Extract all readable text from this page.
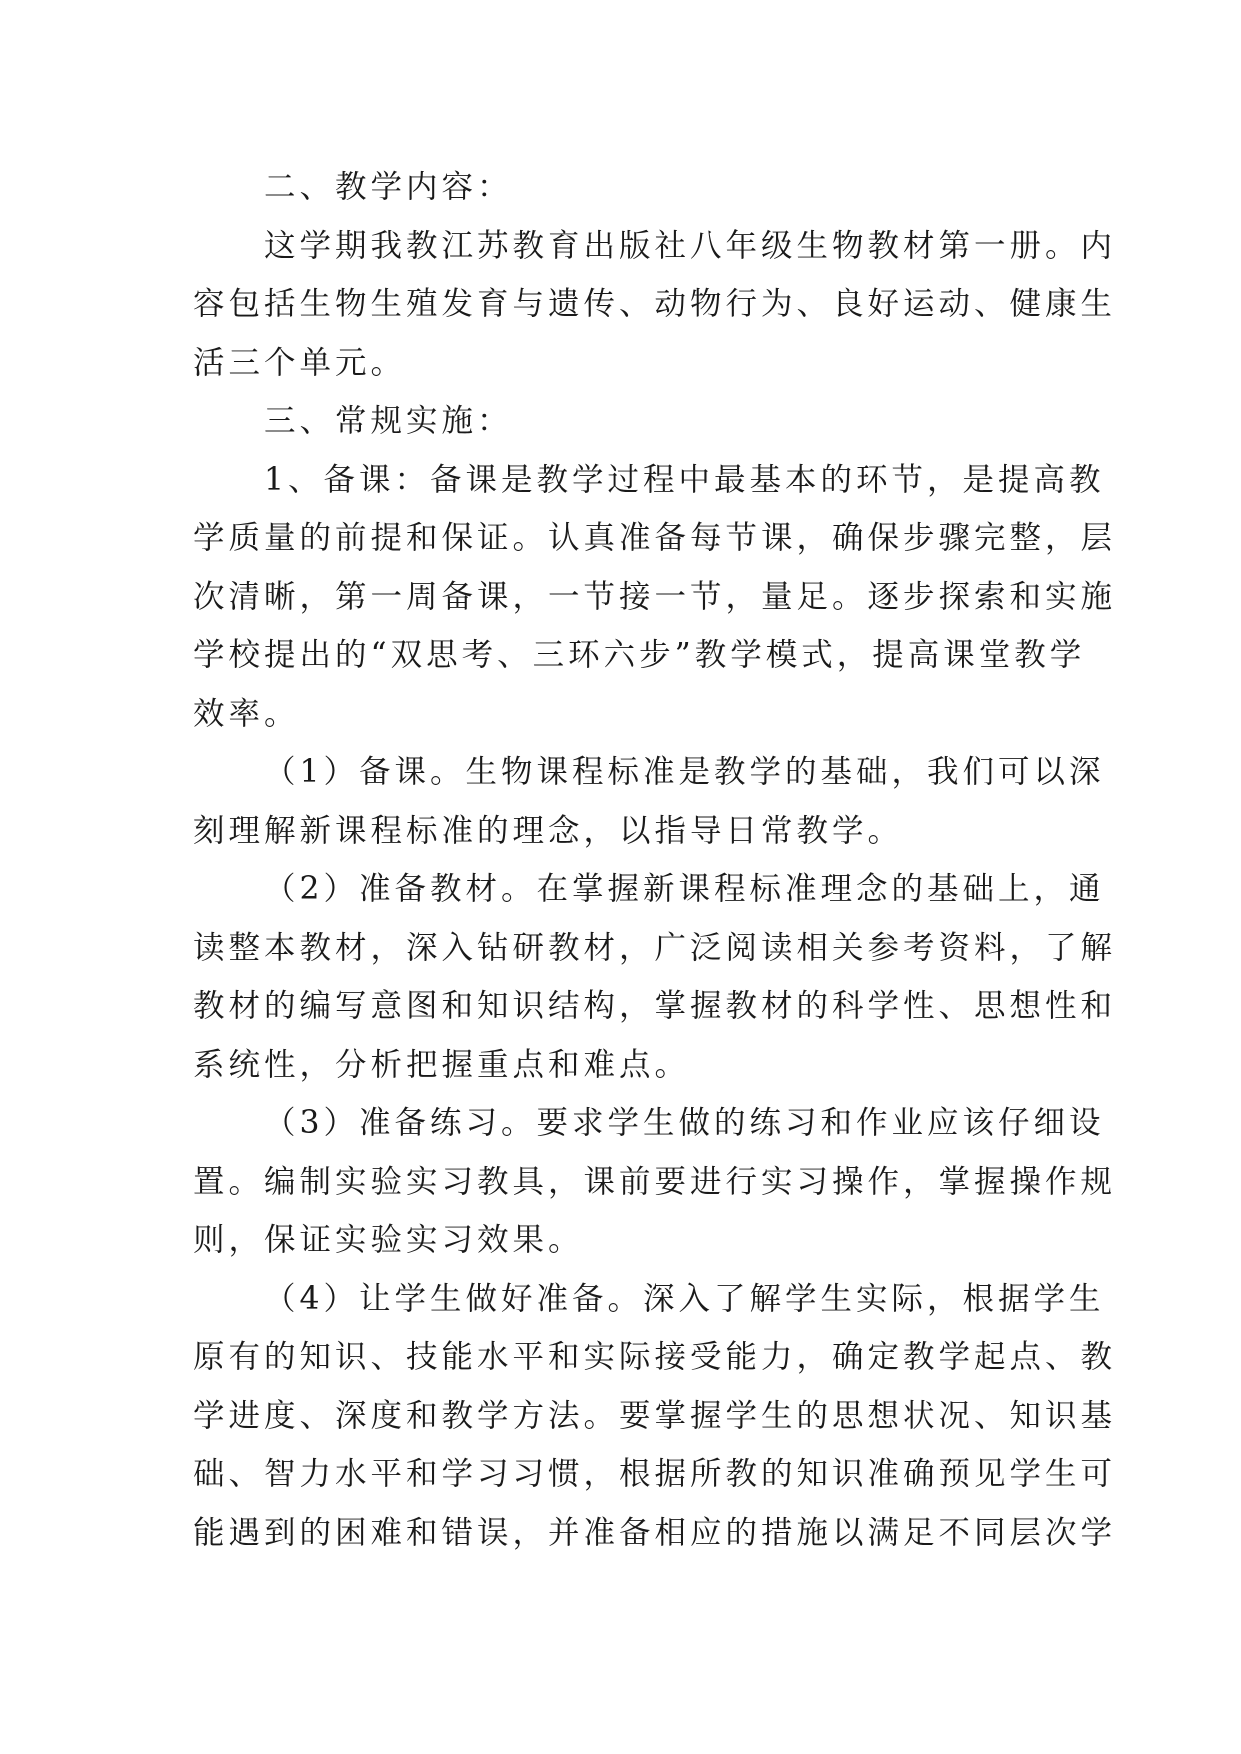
二、教学内容：
这学期我教江苏教育出版社八年级生物教材第一册。内
容包括生物生殖发育与遗传、动物行为、良好运动、健康生
活三个单元。
三、常规实施：
1、备课：备课是教学过程中最基本的环节，是提高教
学质量的前提和保证。认真准备每节课，确保步骤完整，层
次清晰，第一周备课，一节接一节，量足。逐步探索和实施
学校提出的“双思考、三环六步”教学模式，提高课堂教学
效率。
（1）备课。生物课程标准是教学的基础，我们可以深
刻理解新课程标准的理念，以指导日常教学。
（2）准备教材。在掌握新课程标准理念的基础上，通
读整本教材，深入钻研教材，广泛阅读相关参考资料，了解
教材的编写意图和知识结构，掌握教材的科学性、思想性和
系统性，分析把握重点和难点。
（3）准备练习。要求学生做的练习和作业应该仔细设
置。编制实验实习教具，课前要进行实习操作，掌握操作规
则，保证实验实习效果。
（4）让学生做好准备。深入了解学生实际，根据学生
原有的知识、技能水平和实际接受能力，确定教学起点、教
学进度、深度和教学方法。要掌握学生的思想状况、知识基
础、智力水平和学习习惯，根据所教的知识准确预见学生可
能遇到的困难和错误，并准备相应的措施以满足不同层次学
